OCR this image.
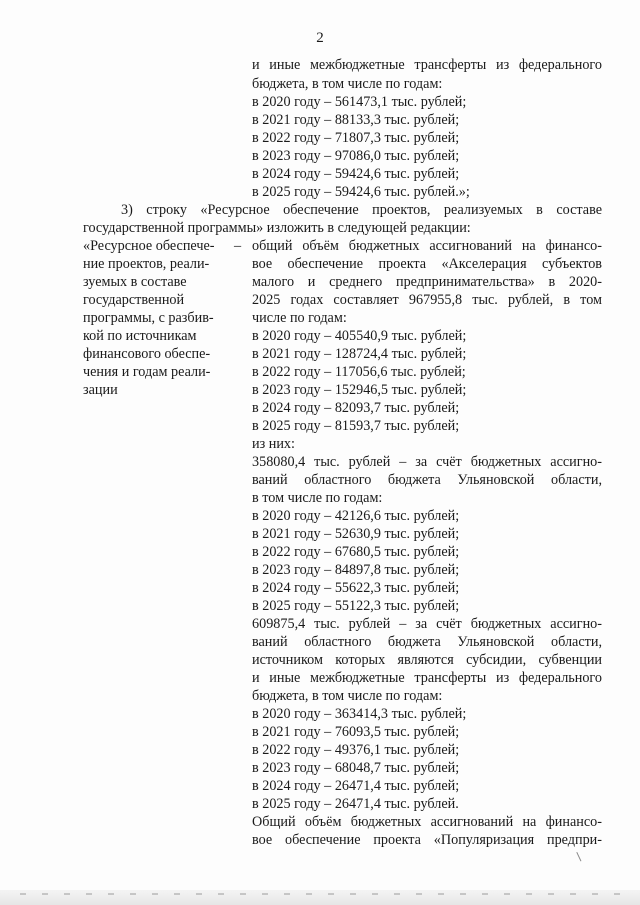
2
и иные межбюджетные трансферты из федерального
бюджета, в том числе по годам:
в 2020 году – 561473,1 тыс. рублей;
в 2021 году – 88133,3 тыс. рублей;
в 2022 году – 71807,3 тыс. рублей;
в 2023 году – 97086,0 тыс. рублей;
в 2024 году – 59424,6 тыс. рублей;
в 2025 году – 59424,6 тыс. рублей.»;
3) строку «Ресурсное обеспечение проектов, реализуемых в составе
государственной программы» изложить в следующей редакции:
«Ресурсное обеспече-
ние проектов, реали-
зуемых в составе
государственной
программы, с разбив-
кой по источникам
финансового обеспе-
чения и годам реали-
зации
– общий объём бюджетных ассигнований на финансо-
вое обеспечение проекта «Акселерация субъектов
малого и среднего предпринимательства» в 2020-
2025 годах составляет 967955,8 тыс. рублей, в том
числе по годам:
в 2020 году – 405540,9 тыс. рублей;
в 2021 году – 128724,4 тыс. рублей;
в 2022 году – 117056,6 тыс. рублей;
в 2023 году – 152946,5 тыс. рублей;
в 2024 году – 82093,7 тыс. рублей;
в 2025 году – 81593,7 тыс. рублей;
из них:
358080,4 тыс. рублей – за счёт бюджетных ассигно-
ваний областного бюджета Ульяновской области,
в том числе по годам:
в 2020 году – 42126,6 тыс. рублей;
в 2021 году – 52630,9 тыс. рублей;
в 2022 году – 67680,5 тыс. рублей;
в 2023 году – 84897,8 тыс. рублей;
в 2024 году – 55622,3 тыс. рублей;
в 2025 году – 55122,3 тыс. рублей;
609875,4 тыс. рублей – за счёт бюджетных ассигно-
ваний областного бюджета Ульяновской области,
источником которых являются субсидии, субвенции
и иные межбюджетные трансферты из федерального
бюджета, в том числе по годам:
в 2020 году – 363414,3 тыс. рублей;
в 2021 году – 76093,5 тыс. рублей;
в 2022 году – 49376,1 тыс. рублей;
в 2023 году – 68048,7 тыс. рублей;
в 2024 году – 26471,4 тыс. рублей;
в 2025 году – 26471,4 тыс. рублей.
Общий объём бюджетных ассигнований на финансо-
вое обеспечение проекта «Популяризация предпри-
